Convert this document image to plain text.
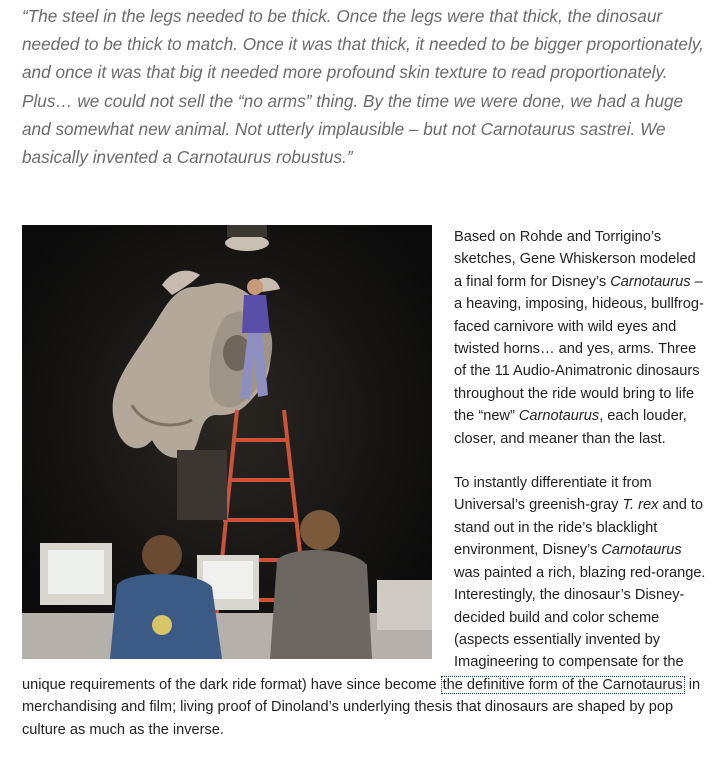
“The steel in the legs needed to be thick. Once the legs were that thick, the dinosaur needed to be thick to match. Once it was that thick, it needed to be bigger proportionately, and once it was that big it needed more profound skin texture to read proportionately. Plus… we could not sell the “no arms” thing. By the time we were done, we had a huge and somewhat new animal. Not utterly implausible – but not Carnotaurus sastrei. We basically invented a Carnotaurus robustus.”

Based on Rohde and Torrigino’s sketches, Gene Whiskerson modeled a final form for Disney’s Carnotaurus – a heaving, imposing, hideous, bullfrog-faced carnivore with wild eyes and twisted horns… and yes, arms. Three of the 11 Audio-Animatronic dinosaurs throughout the ride would bring to life the “new” Carnotaurus, each louder, closer, and meaner than the last.

To instantly differentiate it from Universal’s greenish-gray T. rex and to stand out in the ride’s blacklight environment, Disney’s Carnotaurus was painted a rich, blazing red-orange. Interestingly, the dinosaur’s Disney-decided build and color scheme (aspects essentially invented by Imagineering to compensate for the unique requirements of the dark ride format) have since become the definitive form of the Carnotaurus in merchandising and film; living proof of Dinoland’s underlying thesis that dinosaurs are shaped by pop culture as much as the inverse.
